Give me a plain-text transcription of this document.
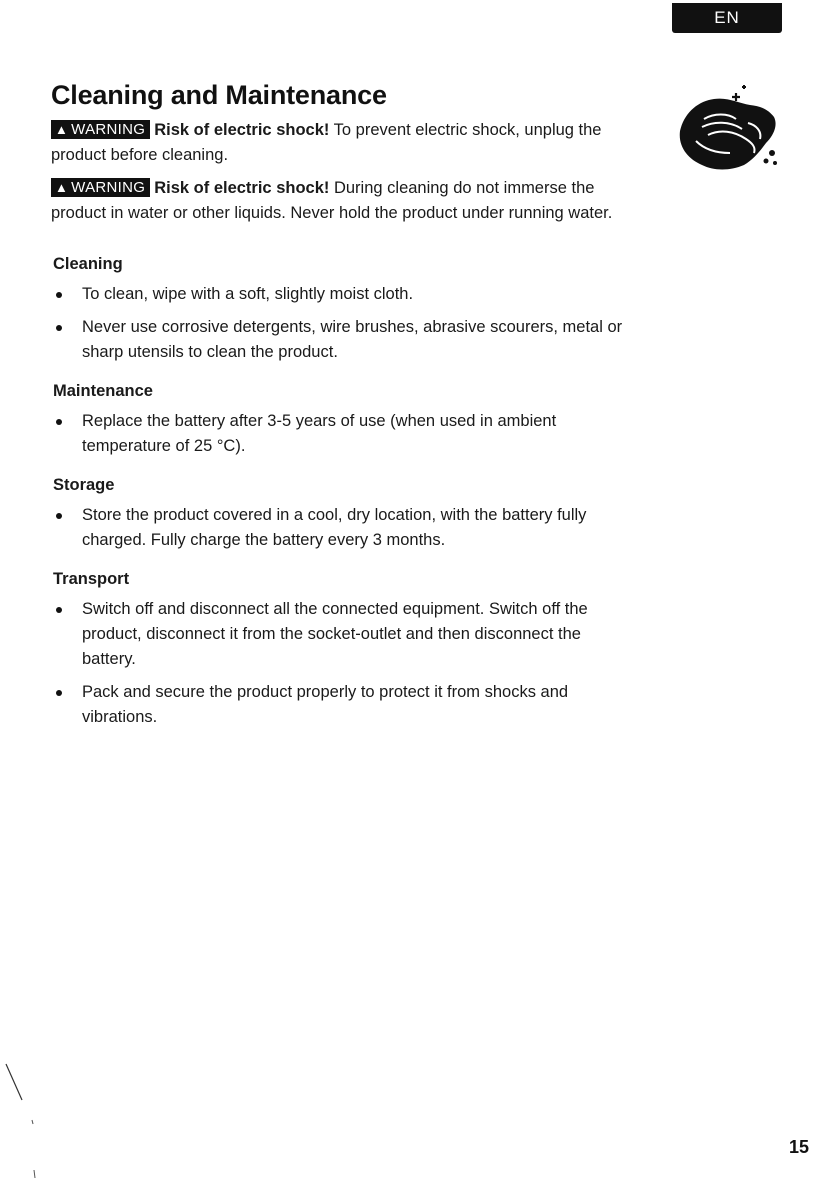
EN
Cleaning and Maintenance

▲ WARNING Risk of electric shock! To prevent electric shock, unplug the product before cleaning.

▲ WARNING Risk of electric shock! During cleaning do not immerse the product in water or other liquids. Never hold the product under running water.

Cleaning
To clean, wipe with a soft, slightly moist cloth.
Never use corrosive detergents, wire brushes, abrasive scourers, metal or sharp utensils to clean the product.
Maintenance
Replace the battery after 3-5 years of use (when used in ambient temperature of 25 °C).
Storage
Store the product covered in a cool, dry location, with the battery fully charged. Fully charge the battery every 3 months.
Transport
Switch off and disconnect all the connected equipment. Switch off the product, disconnect it from the socket-outlet and then disconnect the battery.
Pack and secure the product properly to protect it from shocks and vibrations.
15
